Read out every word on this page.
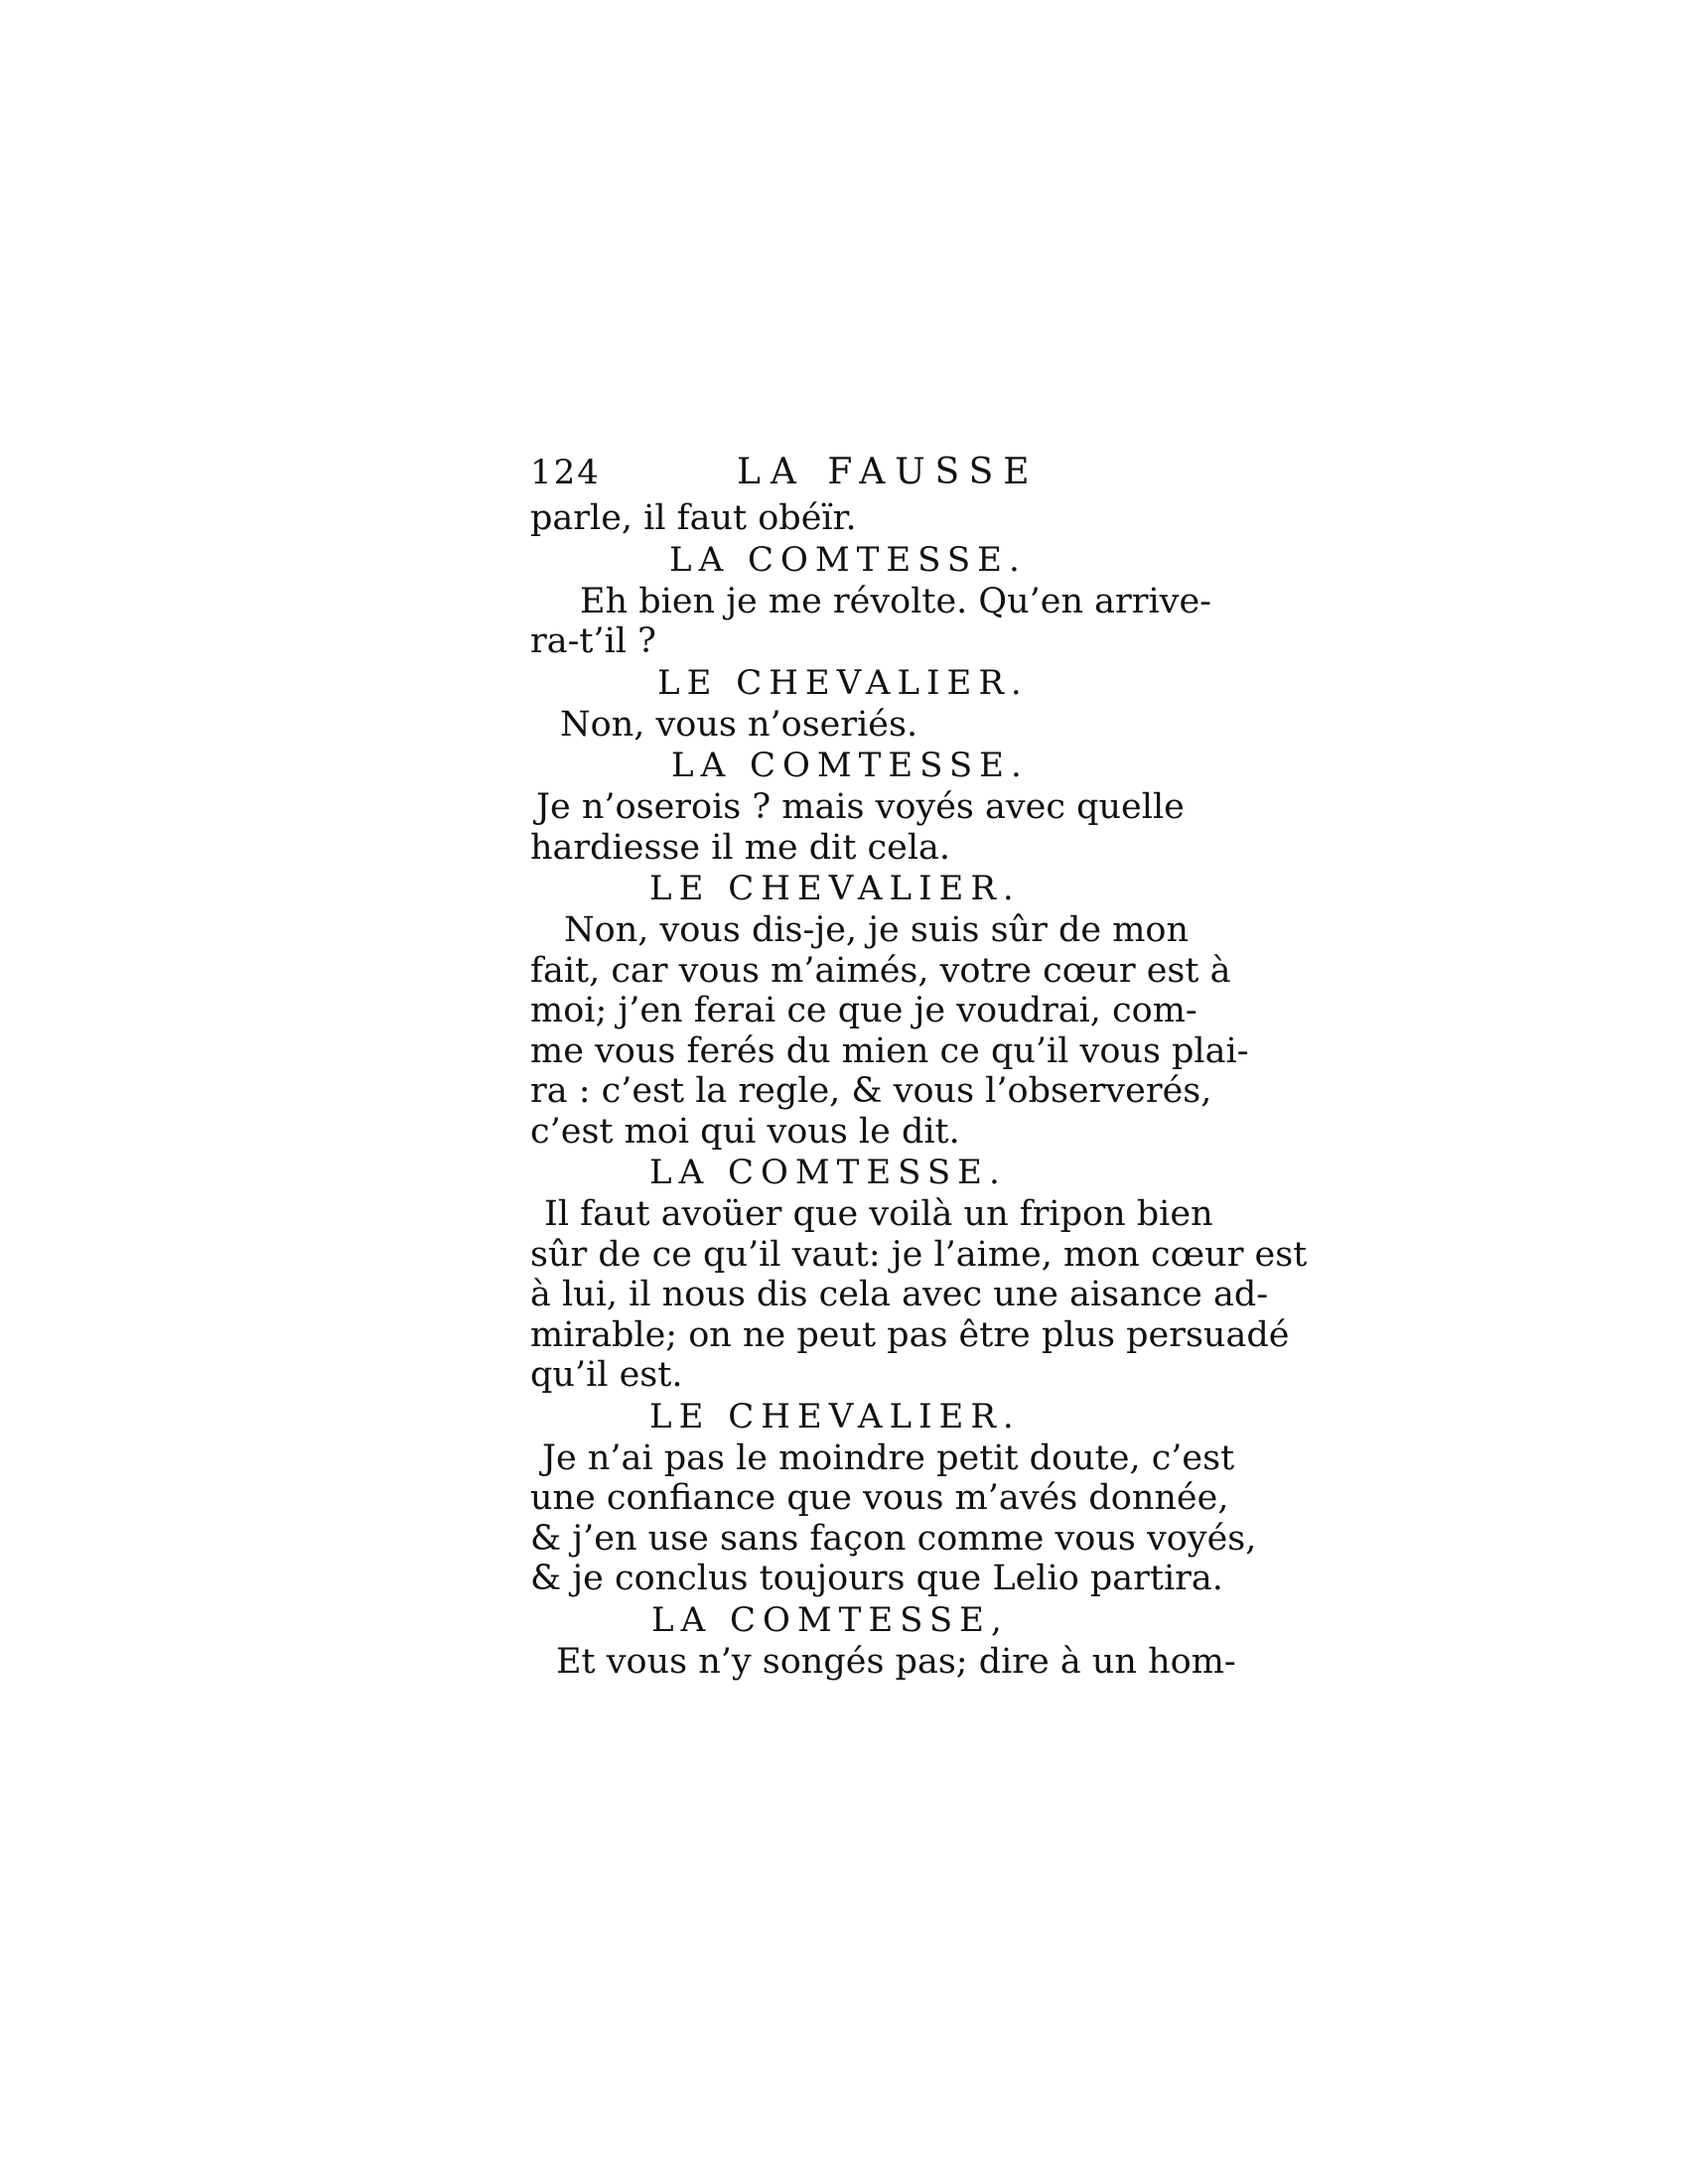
124	LA FAUSSE
parle, il faut obéïr.
LA COMTESSE.
Eh bien je me révolte. Qu’en arrive-
ra-t’il ?
LE CHEVALIER.
Non, vous n’oseriés.
LA COMTESSE.
Je n’oserois ? mais voyés avec quelle
hardiesse il me dit cela.
LE CHEVALIER.
Non, vous dis-je, je suis sûr de mon
fait, car vous m’aimés, votre cœur est à
moi; j’en ferai ce que je voudrai, com-
me vous ferés du mien ce qu’il vous plai-
ra : c’est la regle, & vous l’observerés,
c’est moi qui vous le dit.
LA COMTESSE.
Il faut avoüer que voilà un fripon bien
sûr de ce qu’il vaut: je l’aime, mon cœur est
à lui, il nous dis cela avec une aisance ad-
mirable; on ne peut pas être plus persuadé
qu’il est.
LE CHEVALIER.
Je n’ai pas le moindre petit doute, c’est
une confiance que vous m’avés donnée,
& j’en use sans façon comme vous voyés,
& je conclus toujours que Lelio partira.
LA COMTESSE,
Et vous n’y songés pas; dire à un hom-
